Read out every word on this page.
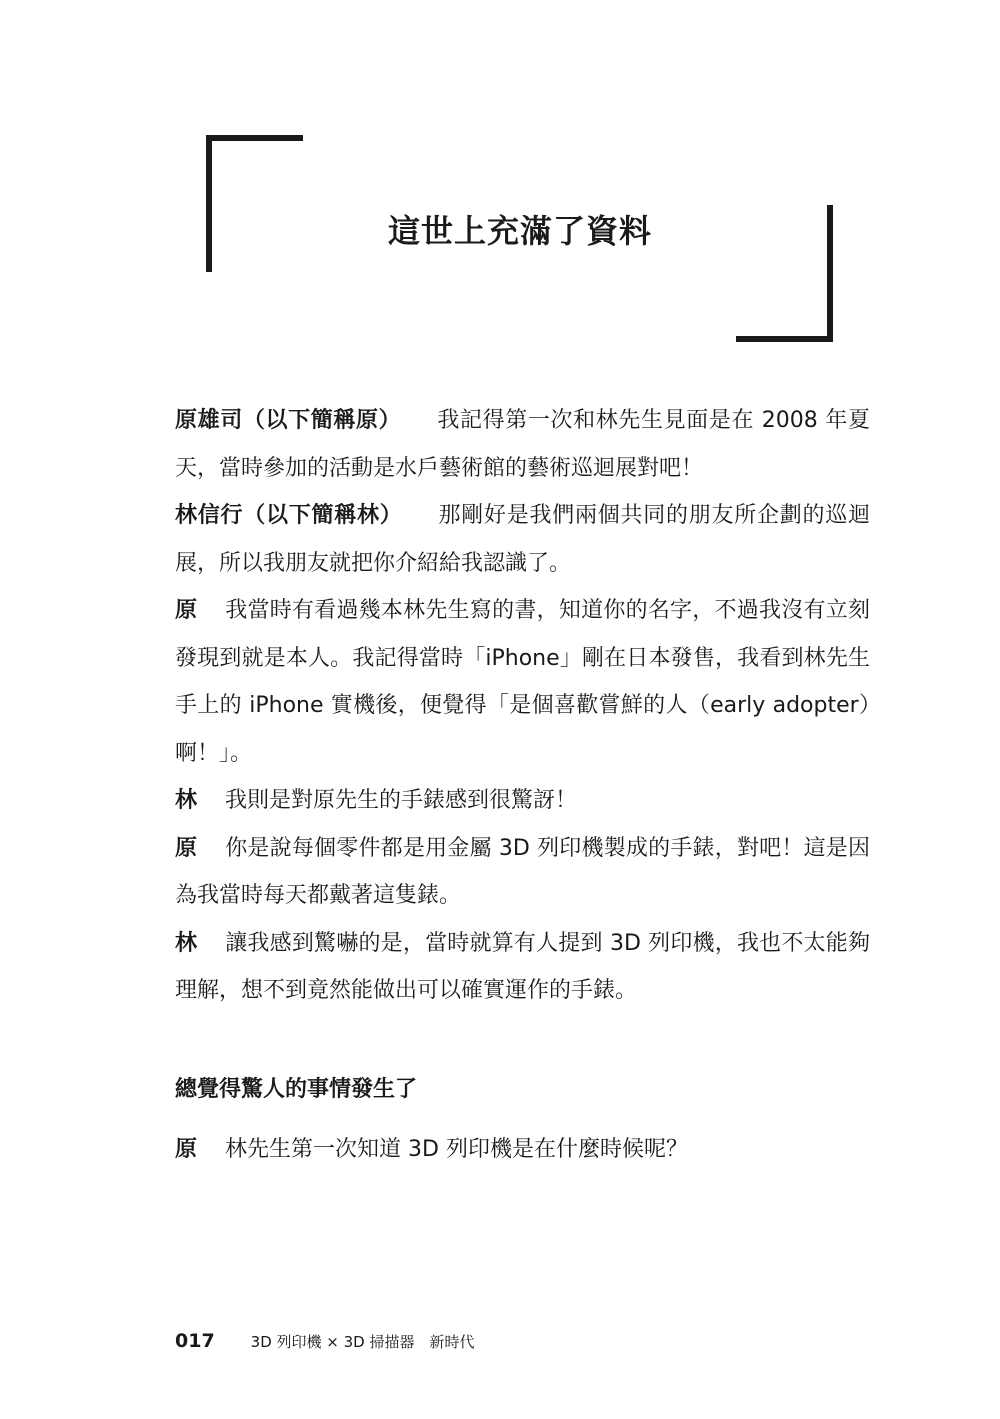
這世上充滿了資料

原雄司（以下簡稱原） 我記得第一次和林先生見面是在 2008 年夏天，當時參加的活動是水戶藝術館的藝術巡迴展對吧！

林信行（以下簡稱林） 那剛好是我們兩個共同的朋友所企劃的巡迴展，所以我朋友就把你介紹給我認識了。

原 我當時有看過幾本林先生寫的書，知道你的名字，不過我沒有立刻發現到就是本人。我記得當時「iPhone」剛在日本發售，我看到林先生手上的 iPhone 實機後，便覺得「是個喜歡嘗鮮的人（early adopter）啊！」。

林 我則是對原先生的手錶感到很驚訝！

原 你是說每個零件都是用金屬 3D 列印機製成的手錶，對吧！這是因為我當時每天都戴著這隻錶。

林 讓我感到驚嚇的是，當時就算有人提到 3D 列印機，我也不太能夠理解，想不到竟然能做出可以確實運作的手錶。

總覺得驚人的事情發生了

原 林先生第一次知道 3D 列印機是在什麼時候呢？

017 3D 列印機 × 3D 掃描器　新時代
